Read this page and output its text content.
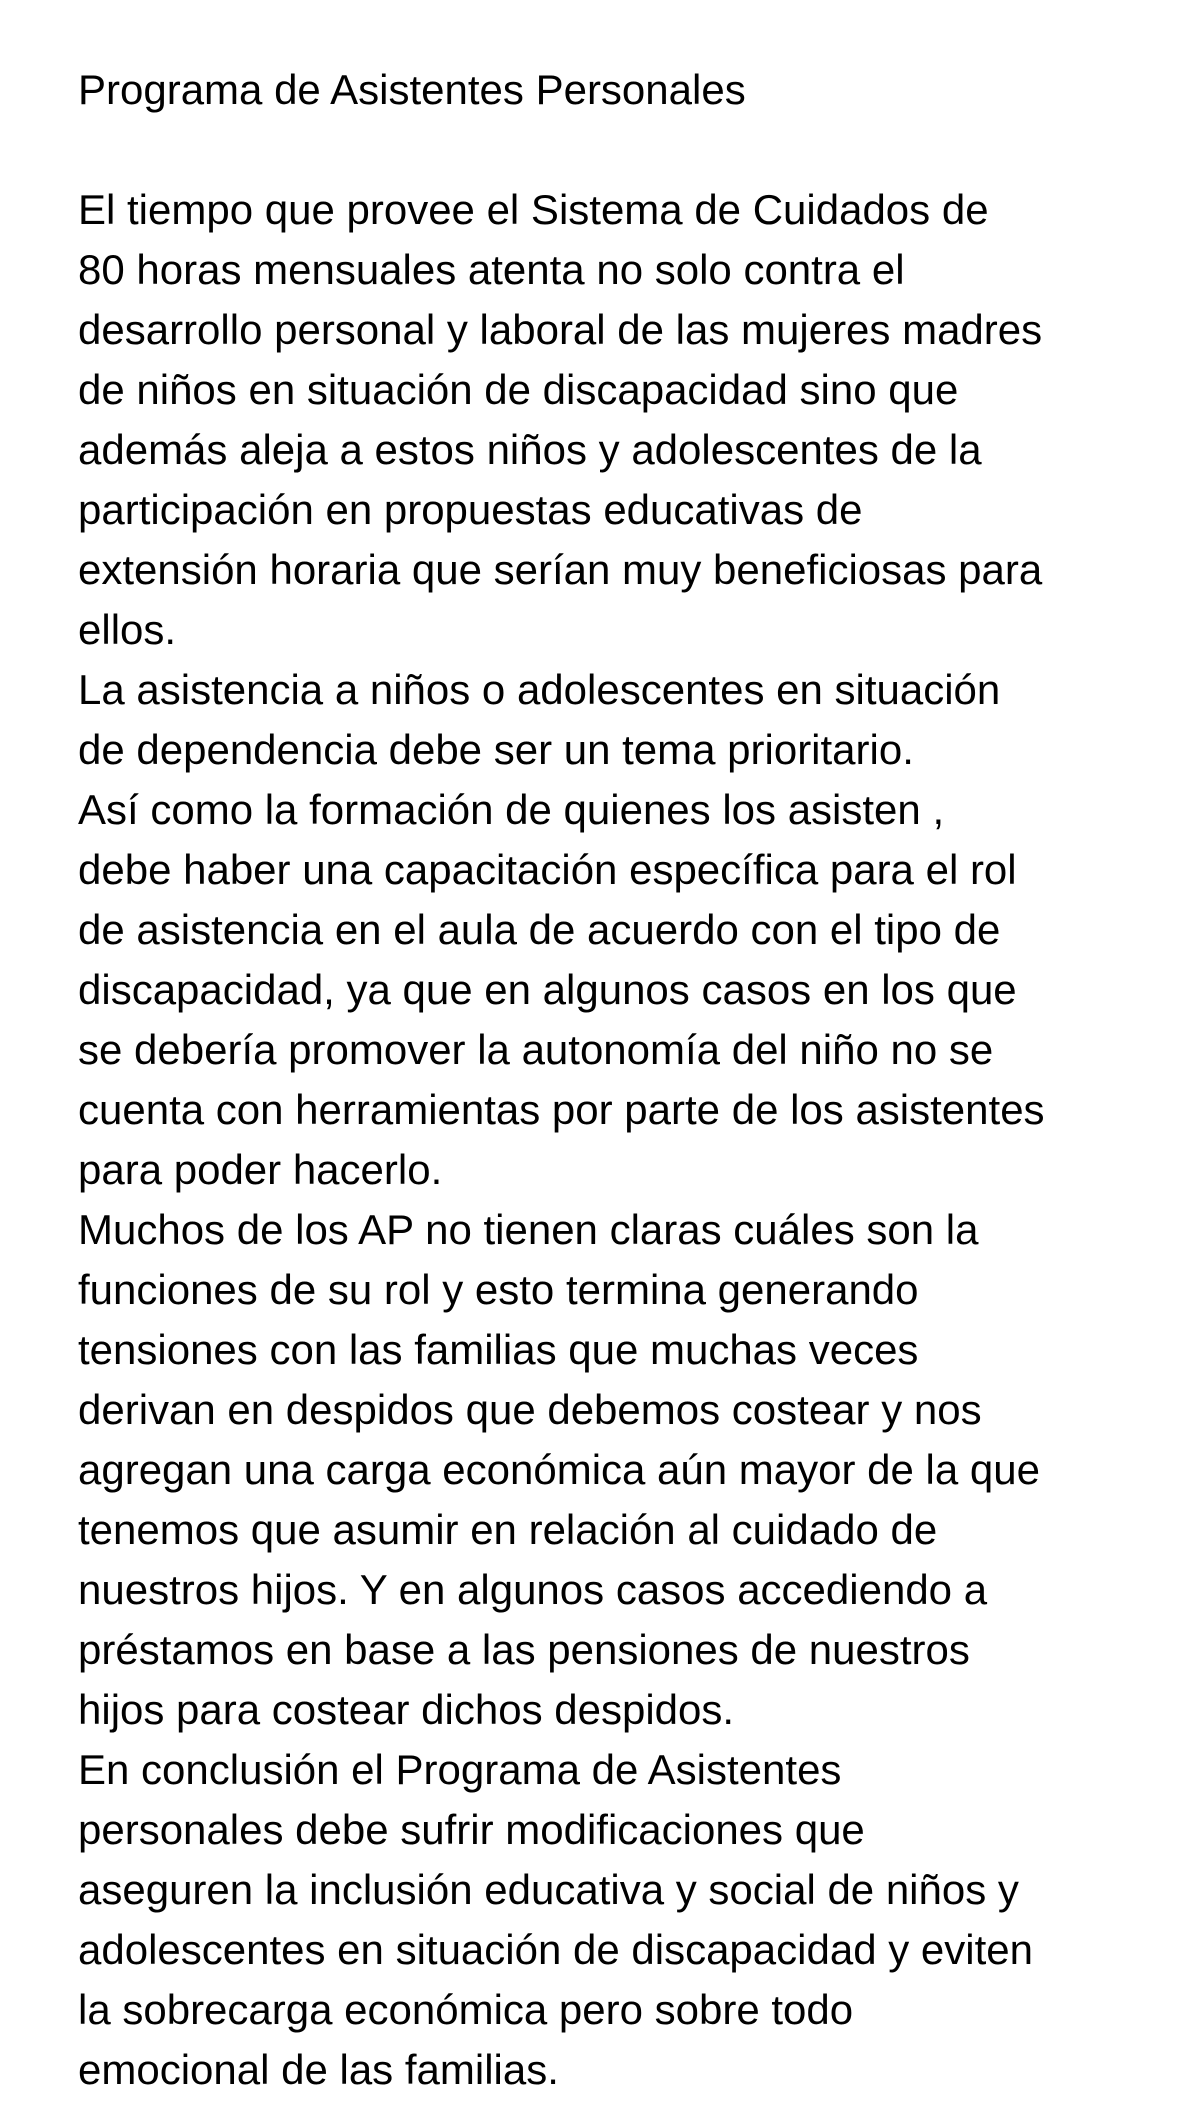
Programa de Asistentes Personales
El tiempo que provee el Sistema de Cuidados de
80 horas mensuales atenta no solo contra el
desarrollo personal y laboral de las mujeres madres
de niños en situación de discapacidad sino que
además aleja a estos niños y adolescentes de la
participación en propuestas educativas de
extensión horaria que serían muy beneficiosas para
ellos.
La asistencia a niños o adolescentes en situación
de dependencia debe ser un tema prioritario.
Así como la formación de quienes los asisten ,
debe haber una capacitación específica para el rol
de asistencia en el aula de acuerdo con el tipo de
discapacidad, ya que en algunos casos en los que
se debería promover la autonomía del niño no se
cuenta con herramientas por parte de los asistentes
para poder hacerlo.
Muchos de los AP no tienen claras cuáles son la
funciones de su rol y esto termina generando
tensiones con las familias que muchas veces
derivan en despidos que debemos costear y nos
agregan una carga económica aún mayor de la que
tenemos que asumir en relación al cuidado de
nuestros hijos. Y en algunos casos accediendo a
préstamos en base a las pensiones de nuestros
hijos para costear dichos despidos.
En conclusión el Programa de Asistentes
personales debe sufrir modificaciones que
aseguren la inclusión educativa y social de niños y
adolescentes en situación de discapacidad y eviten
la sobrecarga económica pero sobre todo
emocional de las familias.
